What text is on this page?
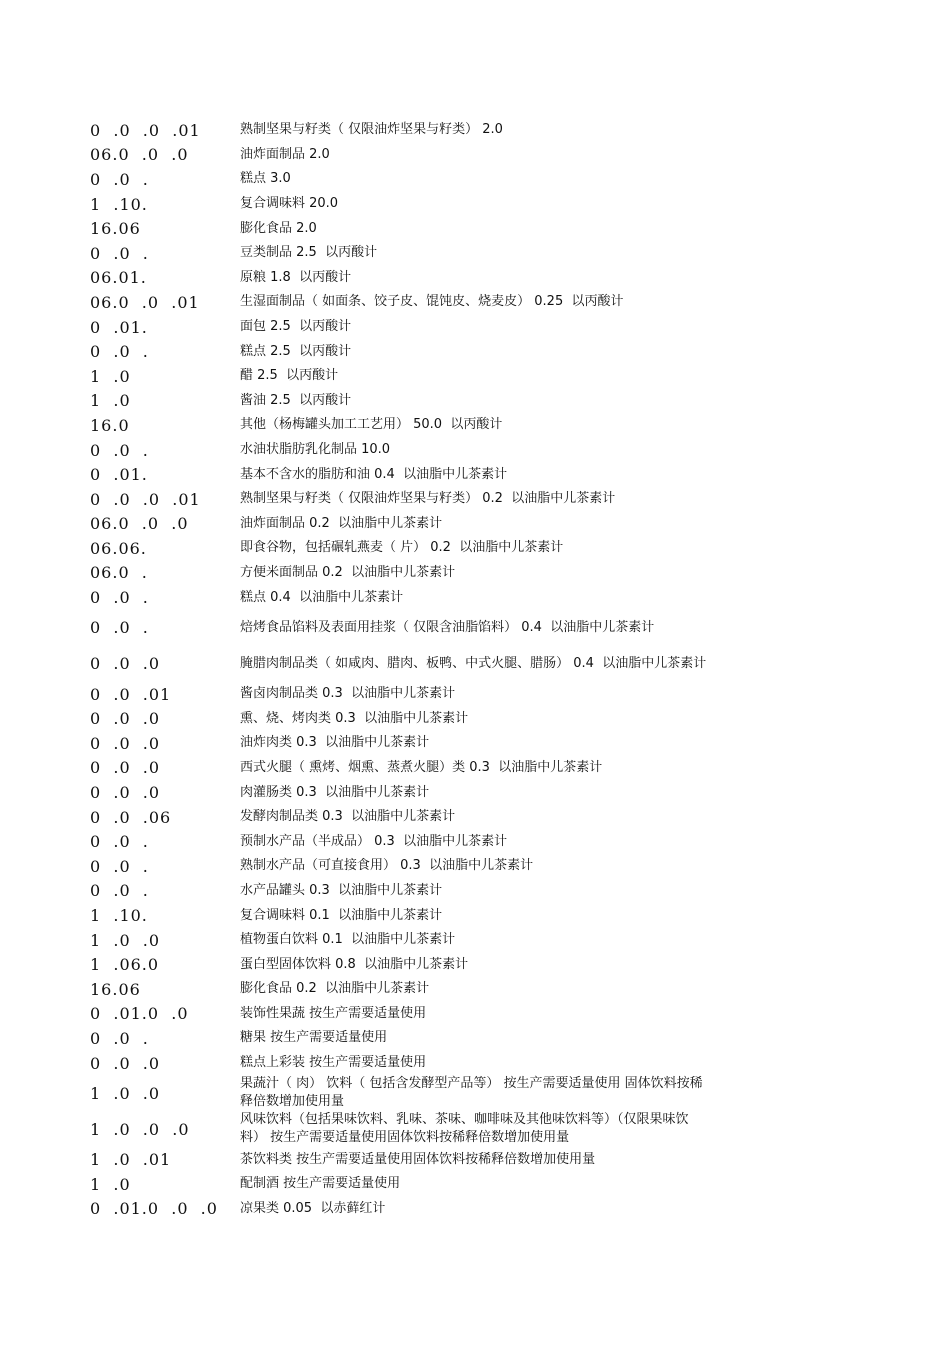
0  .0  .0  .01	熟制坚果与籽类（ 仅限油炸坚果与籽类） 2.0
06.0  .0  .0	油炸面制品 2.0
0  .0  .	糕点 3.0
1  .10.	复合调味料 20.0
16.06	膨化食品 2.0
0  .0  .	豆类制品 2.5  以丙酸计
06.01.	原粮 1.8  以丙酸计
06.0  .0  .01	生湿面制品（ 如面条、饺子皮、馄饨皮、烧麦皮） 0.25  以丙酸计
0  .01.	面包 2.5  以丙酸计
0  .0  .	糕点 2.5  以丙酸计
1  .0	醋 2.5  以丙酸计
1  .0	酱油 2.5  以丙酸计
16.0	其他（杨梅罐头加工工艺用） 50.0  以丙酸计
0  .0  .	水油状脂肪乳化制品 10.0
0  .01.	基本不含水的脂肪和油 0.4  以油脂中儿茶素计
0  .0  .0  .01	熟制坚果与籽类（ 仅限油炸坚果与籽类） 0.2  以油脂中儿茶素计
06.0  .0  .0	油炸面制品 0.2  以油脂中儿茶素计
06.06.	即食谷物，包括碾轧燕麦（ 片） 0.2  以油脂中儿茶素计
06.0  .	方便米面制品 0.2  以油脂中儿茶素计
0  .0  .	糕点 0.4  以油脂中儿茶素计
0  .0  .	焙烤食品馅料及表面用挂浆（ 仅限含油脂馅料） 0.4  以油脂中儿茶素计
0  .0  .0	腌腊肉制品类（ 如咸肉、腊肉、板鸭、中式火腿、腊肠） 0.4  以油脂中儿茶素计
0  .0  .01	酱卤肉制品类 0.3  以油脂中儿茶素计
0  .0  .0	熏、烧、烤肉类 0.3  以油脂中儿茶素计
0  .0  .0	油炸肉类 0.3  以油脂中儿茶素计
0  .0  .0	西式火腿（ 熏烤、烟熏、蒸煮火腿）类 0.3  以油脂中儿茶素计
0  .0  .0	肉灌肠类 0.3  以油脂中儿茶素计
0  .0  .06	发酵肉制品类 0.3  以油脂中儿茶素计
0  .0  .	预制水产品（半成品） 0.3  以油脂中儿茶素计
0  .0  .	熟制水产品（可直接食用） 0.3  以油脂中儿茶素计
0  .0  .	水产品罐头 0.3  以油脂中儿茶素计
1  .10.	复合调味料 0.1  以油脂中儿茶素计
1  .0  .0	植物蛋白饮料 0.1  以油脂中儿茶素计
1  .06.0	蛋白型固体饮料 0.8  以油脂中儿茶素计
16.06	膨化食品 0.2  以油脂中儿茶素计
0  .01.0  .0	装饰性果蔬 按生产需要适量使用
0  .0  .	糖果 按生产需要适量使用
0  .0  .0	糕点上彩装 按生产需要适量使用
1  .0  .0	果蔬汁（ 肉） 饮料（ 包括含发酵型产品等） 按生产需要适量使用 固体饮料按稀释倍数增加使用量
1  .0  .0  .0	风味饮料（包括果味饮料、乳味、茶味、咖啡味及其他味饮料等）（仅限果味饮料） 按生产需要适量使用固体饮料按稀释倍数增加使用量
1  .0  .01	茶饮料类 按生产需要适量使用固体饮料按稀释倍数增加使用量
1  .0	配制酒 按生产需要适量使用
0  .01.0  .0  .0	凉果类 0.05  以赤藓红计
